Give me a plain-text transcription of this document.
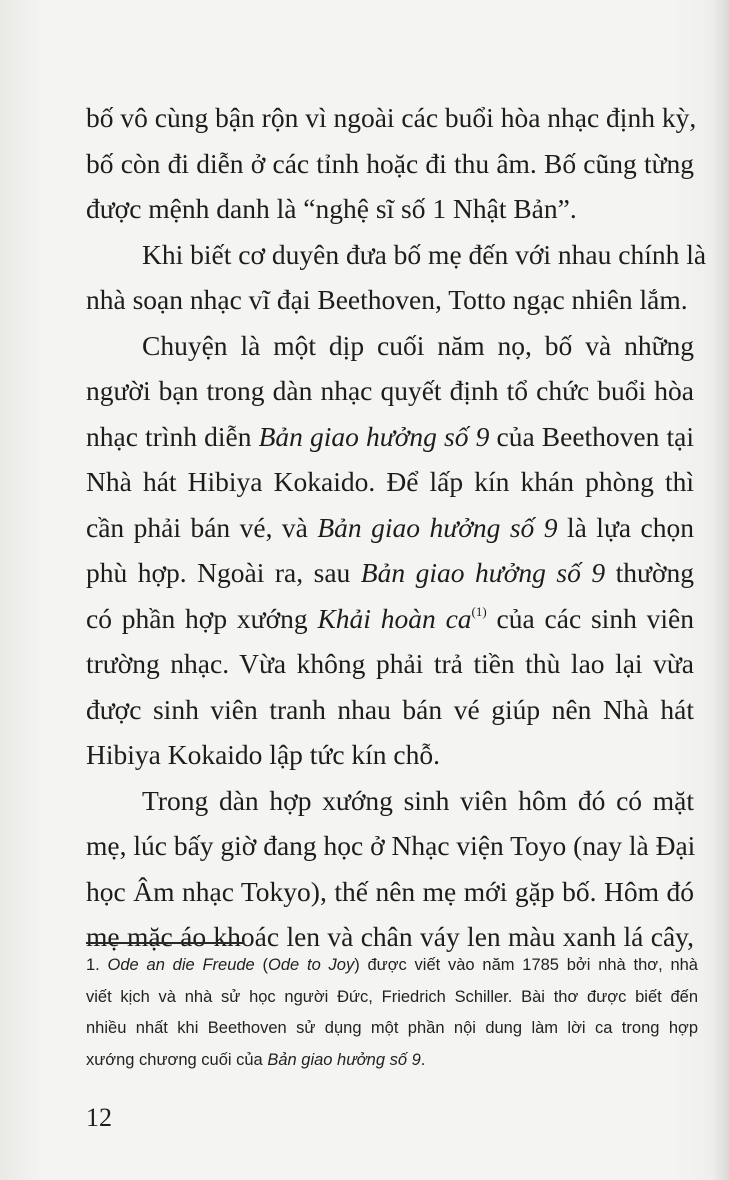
bố vô cùng bận rộn vì ngoài các buổi hòa nhạc định kỳ,
bố còn đi diễn ở các tỉnh hoặc đi thu âm. Bố cũng từng
được mệnh danh là “nghệ sĩ số 1 Nhật Bản”.
Khi biết cơ duyên đưa bố mẹ đến với nhau chính là
nhà soạn nhạc vĩ đại Beethoven, Totto ngạc nhiên lắm.
Chuyện là một dịp cuối năm nọ, bố và những
người bạn trong dàn nhạc quyết định tổ chức buổi hòa
nhạc trình diễn Bản giao hưởng số 9 của Beethoven tại
Nhà hát Hibiya Kokaido. Để lấp kín khán phòng thì
cần phải bán vé, và Bản giao hưởng số 9 là lựa chọn
phù hợp. Ngoài ra, sau Bản giao hưởng số 9 thường
có phần hợp xướng Khải hoàn $ca^{(1)}$ của các sinh viên
trường nhạc. Vừa không phải trả tiền thù lao lại vừa
được sinh viên tranh nhau bán vé giúp nên Nhà hát
Hibiya Kokaido lập tức kín chỗ.
Trong dàn hợp xướng sinh viên hôm đó có mặt
mẹ, lúc bấy giờ đang học ở Nhạc viện Toyo (nay là Đại
học Âm nhạc Tokyo), thế nên mẹ mới gặp bố. Hôm đó
mẹ mặc áo khoác len và chân váy len màu xanh lá cây,
1. Ode an die Freude (Ode to Joy) được viết vào năm 1785 bởi nhà thơ, nhà
viết kịch và nhà sử học người Đức, Friedrich Schiller. Bài thơ được biết đến
nhiều nhất khi Beethoven sử dụng một phần nội dung làm lời ca trong hợp
xướng chương cuối của Bản giao hưởng số 9.
12
